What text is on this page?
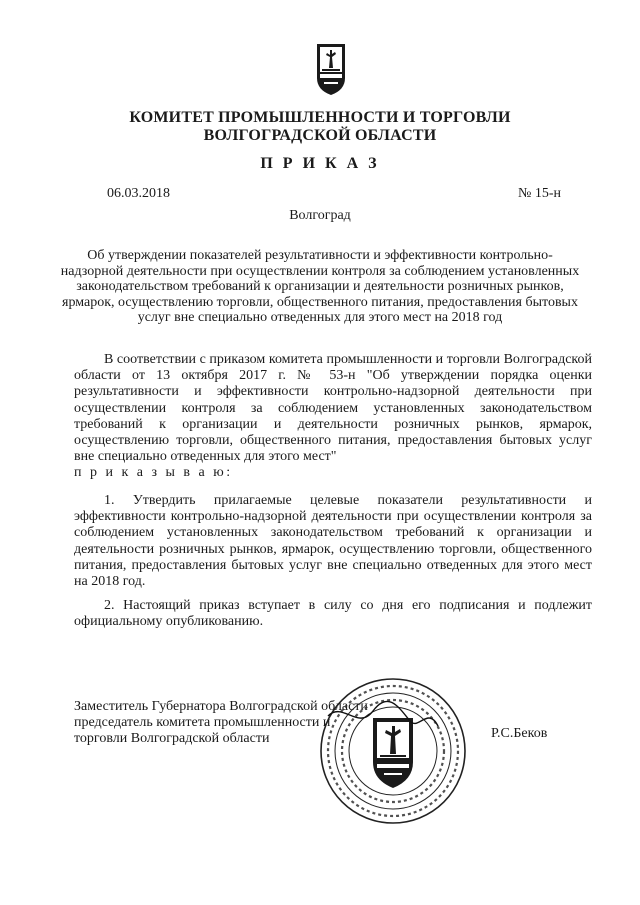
КОМИТЕТ ПРОМЫШЛЕННОСТИ И ТОРГОВЛИ
ВОЛГОГРАДСКОЙ ОБЛАСТИ
П Р И К А З
06.03.2018	№ 15-н
Волгоград
Об утверждении показателей результативности и эффективности контрольно-надзорной деятельности при осуществлении контроля за соблюдением установленных законодательством требований к организации и деятельности розничных рынков, ярмарок, осуществлению торговли, общественного питания, предоставления бытовых услуг вне специально отведенных для этого мест на 2018 год
В соответствии с приказом комитета промышленности и торговли Волгоградской области от 13 октября 2017 г. № 53-н "Об утверждении порядка оценки результативности и эффективности контрольно-надзорной деятельности при осуществлении контроля за соблюдением установленных законодательством требований к организации и деятельности розничных рынков, ярмарок, осуществлению торговли, общественного питания, предоставления бытовых услуг вне специально отведенных для этого мест"
п р и к а з ы в а ю:
1. Утвердить прилагаемые целевые показатели результативности и эффективности контрольно-надзорной деятельности при осуществлении контроля за соблюдением установленных законодательством требований к организации и деятельности розничных рынков, ярмарок, осуществлению торговли, общественного питания, предоставления бытовых услуг вне специально отведенных для этого мест на 2018 год.
2. Настоящий приказ вступает в силу со дня его подписания и подлежит официальному опубликованию.
Заместитель Губернатора Волгоградской области
председатель комитета промышленности и
торговли Волгоградской области	Р.С.Беков
